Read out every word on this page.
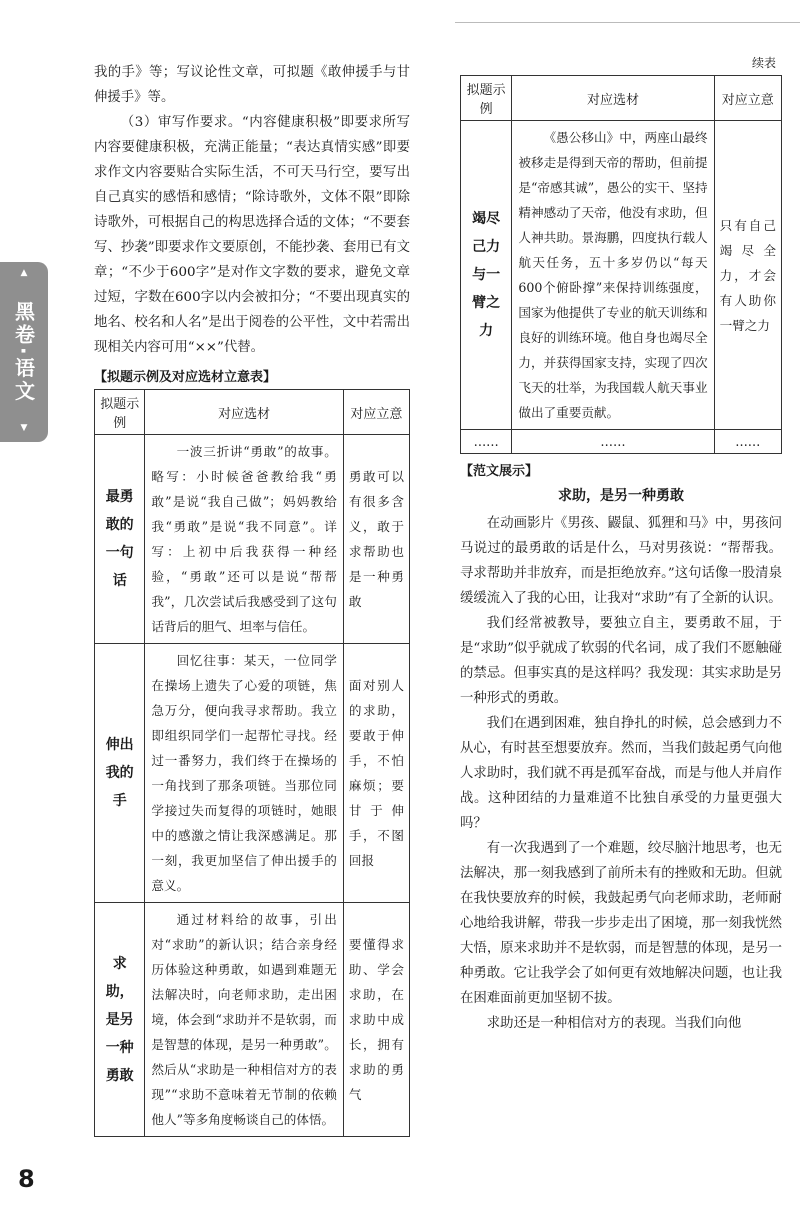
▲
黑卷·语文
▼
8

我的手》等；写议论性文章，可拟题《敢伸援手与甘伸援手》等。

（3）审写作要求。“内容健康积极”即要求所写内容要健康积极，充满正能量；“表达真情实感”即要求作文内容要贴合实际生活，不可天马行空，要写出自己真实的感悟和感情；“除诗歌外，文体不限”即除诗歌外，可根据自己的构思选择合适的文体；“不要套写、抄袭”即要求作文要原创，不能抄袭、套用已有文章；“不少于600字”是对作文字数的要求，避免文章过短，字数在600字以内会被扣分；“不要出现真实的地名、校名和人名”是出于阅卷的公平性，文中若需出现相关内容可用“××”代替。

【拟题示例及对应选材立意表】
拟题示例	对应选材	对应立意
最勇敢的一句话	一波三折讲“勇敢”的故事。略写：小时候爸爸教给我“勇敢”是说“我自己做”；妈妈教给我“勇敢”是说“我不同意”。详写：上初中后我获得一种经验，“勇敢”还可以是说“帮帮我”，几次尝试后我感受到了这句话背后的胆气、坦率与信任。	勇敢可以有很多含义，敢于求帮助也是一种勇敢
伸出我的手	回忆往事：某天，一位同学在操场上遗失了心爱的项链，焦急万分，便向我寻求帮助。我立即组织同学们一起帮忙寻找。经过一番努力，我们终于在操场的一角找到了那条项链。当那位同学接过失而复得的项链时，她眼中的感激之情让我深感满足。那一刻，我更加坚信了伸出援手的意义。	面对别人的求助，要敢于伸手，不怕麻烦；要甘于伸手，不图回报
求助，是另一种勇敢	通过材料给的故事，引出对“求助”的新认识；结合亲身经历体验这种勇敢，如遇到难题无法解决时，向老师求助，走出困境，体会到“求助并不是软弱，而是智慧的体现，是另一种勇敢”。然后从“求助是一种相信对方的表现”“求助不意味着无节制的依赖他人”等多角度畅谈自己的体悟。	要懂得求助、学会求助，在求助中成长，拥有求助的勇气
续表
拟题示例	对应选材	对应立意
竭尽己力与一臂之力	《愚公移山》中，两座山最终被移走是得到天帝的帮助，但前提是“帝感其诚”，愚公的实干、坚持精神感动了天帝，他没有求助，但人神共助。景海鹏，四度执行载人航天任务，五十多岁仍以“每天600个俯卧撑”来保持训练强度，国家为他提供了专业的航天训练和良好的训练环境。他自身也竭尽全力，并获得国家支持，实现了四次飞天的壮举，为我国载人航天事业做出了重要贡献。	只有自己竭尽全力，才会有人助你一臂之力
……	……	……
【范文展示】
求助，是另一种勇敢

在动画影片《男孩、鼹鼠、狐狸和马》中，男孩问马说过的最勇敢的话是什么，马对男孩说：“帮帮我。寻求帮助并非放弃，而是拒绝放弃。”这句话像一股清泉缓缓流入了我的心田，让我对“求助”有了全新的认识。

我们经常被教导，要独立自主，要勇敢不屈，于是“求助”似乎就成了软弱的代名词，成了我们不愿触碰的禁忌。但事实真的是这样吗？我发现：其实求助是另一种形式的勇敢。

我们在遇到困难，独自挣扎的时候，总会感到力不从心，有时甚至想要放弃。然而，当我们鼓起勇气向他人求助时，我们就不再是孤军奋战，而是与他人并肩作战。这种团结的力量难道不比独自承受的力量更强大吗？

有一次我遇到了一个难题，绞尽脑汁地思考，也无法解决，那一刻我感到了前所未有的挫败和无助。但就在我快要放弃的时候，我鼓起勇气向老师求助，老师耐心地给我讲解，带我一步步走出了困境，那一刻我恍然大悟，原来求助并不是软弱，而是智慧的体现，是另一种勇敢。它让我学会了如何更有效地解决问题，也让我在困难面前更加坚韧不拔。

求助还是一种相信对方的表现。当我们向他
